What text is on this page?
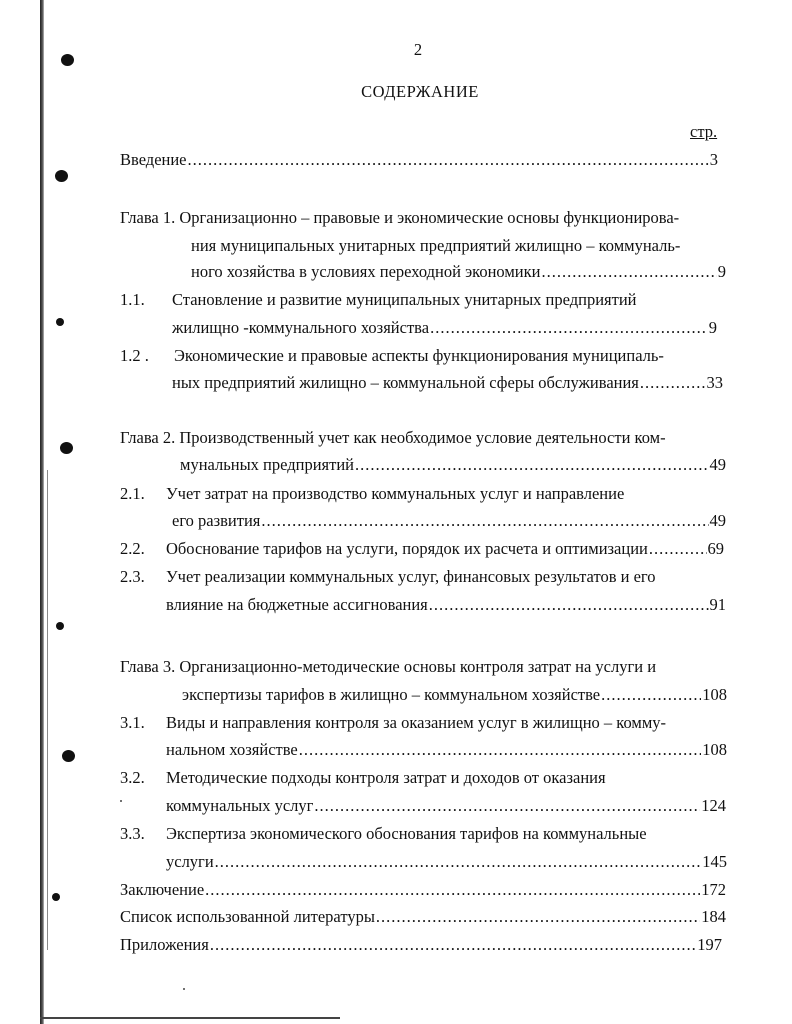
2
СОДЕРЖАНИЕ
стр.
Введение .....	3
Глава 1. Организационно – правовые и экономические основы функционирова-
ния муниципальных унитарных предприятий жилищно – коммуналь-
ного хозяйства в условиях переходной экономики .....	9
1.1. Становление и развитие муниципальных унитарных предприятий
жилищно -коммунального хозяйства .....	9
1.2 . Экономические и правовые аспекты функционирования муниципаль-
ных предприятий жилищно – коммунальной сферы обслуживания .....	33
Глава 2. Производственный учет как необходимое условие деятельности ком-
мунальных предприятий .....	49
2.1. Учет затрат на производство коммунальных услуг и направление
его развития .....	49
2.2. Обоснование тарифов на услуги, порядок их расчета и оптимизации .....	69
2.3. Учет реализации коммунальных услуг, финансовых результатов и его
влияние на бюджетные ассигнования .....	91
Глава 3. Организационно-методические основы контроля затрат на услуги и
экспертизы тарифов в жилищно – коммунальном хозяйстве .....	108
3.1. Виды и направления контроля за оказанием услуг в жилищно – комму-
нальном хозяйстве .....	108
3.2. Методические подходы контроля затрат и доходов от оказания
коммунальных услуг .....	124
3.3. Экспертиза экономического обоснования тарифов на коммунальные
услуги .....	145
Заключение .....	172
Список использованной литературы .....	184
Приложения .....	197
